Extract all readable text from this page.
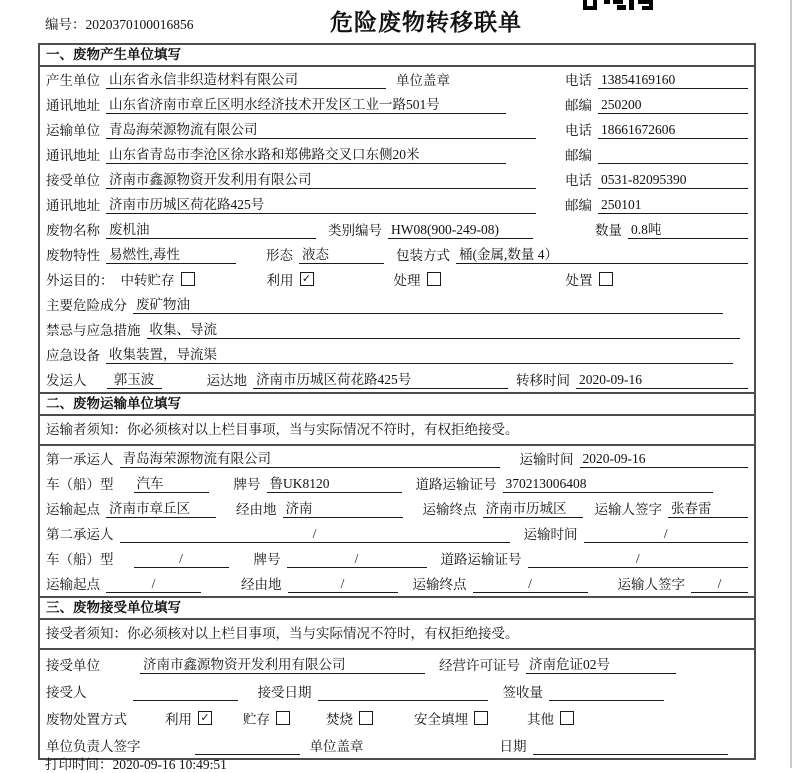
编号：2020370100016856	危险废物转移联单
一、废物产生单位填写
产生单位 山东省永信非织造材料有限公司	单位盖章	电话 13854169160
通讯地址 山东省济南市章丘区明水经济技术开发区工业一路501号	邮编 250200
运输单位 青岛海荣源物流有限公司	电话 18661672606
通讯地址 山东省青岛市李沧区徐水路和郑佛路交叉口东侧20米	邮编
接受单位 济南市鑫源物资开发利用有限公司	电话 0531-82095390
通讯地址 济南市历城区荷花路425号	邮编 250101
废物名称 废机油	类别编号 HW08(900-249-08)	数量 0.8吨
废物特性 易燃性,毒性	形态 液态	包装方式 桶(金属,数量 4）
外运目的： 中转贮存	利用 ✓	处理	处置
主要危险成分 废矿物油
禁忌与应急措施 收集、导流
应急设备 收集装置，导流渠
发运人	郭玉波	运达地 济南市历城区荷花路425号	转移时间 2020-09-16
二、废物运输单位填写
运输者须知：你必须核对以上栏目事项，当与实际情况不符时，有权拒绝接受。
第一承运人 青岛海荣源物流有限公司	运输时间 2020-09-16
车（船）型 汽车	牌号 鲁UK8120	道路运输证号 370213006408
运输起点 济南市章丘区	经由地 济南	运输终点 济南市历城区	运输人签字 张春雷
第二承运人	/	运输时间	/
车（船）型	/	牌号	/	道路运输证号	/
运输起点	/	经由地	/	运输终点	/	运输人签字	/
三、废物接受单位填写
接受者须知：你必须核对以上栏目事项，当与实际情况不符时，有权拒绝接受。
接受单位	济南市鑫源物资开发利用有限公司	经营许可证号 济南危证02号
接受人	接受日期	签收量
废物处置方式	利用 ✓ 贮存	焚烧	安全填埋	其他
单位负责人签字	单位盖章	日期
打印时间：2020-09-16 10:49:51
